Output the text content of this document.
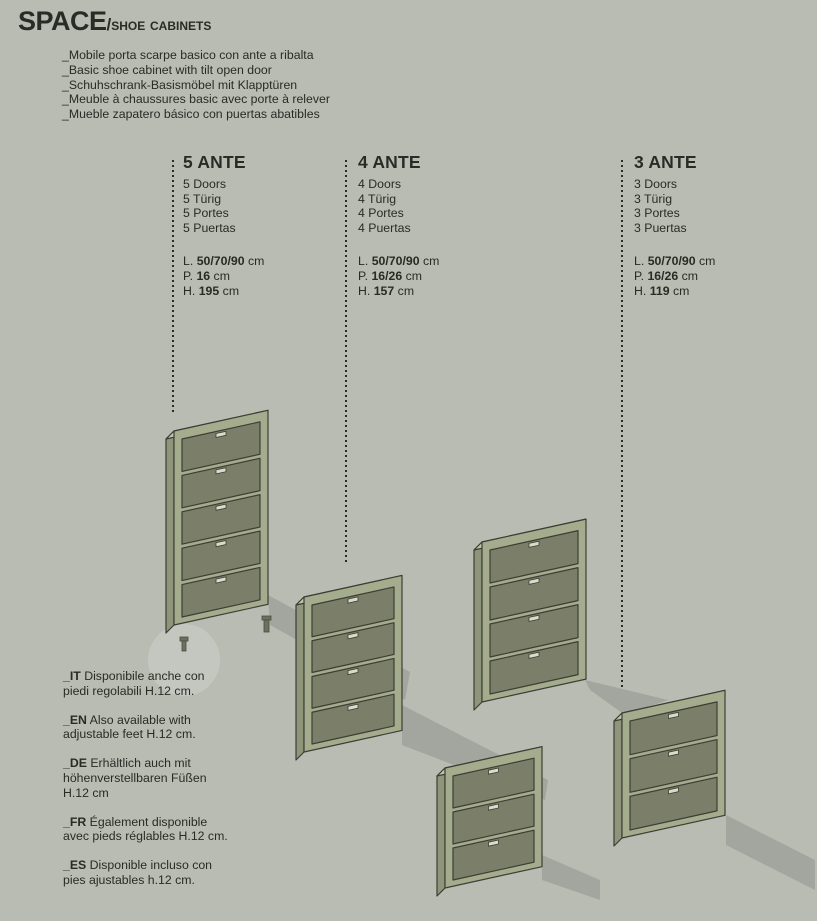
SPACE/shoe cabinets
_Mobile porta scarpe basico con ante a ribalta
_Basic shoe cabinet with tilt open door
_Schuhschrank-Basismöbel mit Klapptüren
_Meuble à chaussures basic avec porte à relever
_Mueble zapatero básico con puertas abatibles
5 ANTE
5 Doors
5 Türig
5 Portes
5 Puertas
L. 50/70/90 cm
P. 16 cm
H. 195 cm
4 ANTE
4 Doors
4 Türig
4 Portes
4 Puertas
L. 50/70/90 cm
P. 16/26 cm
H. 157 cm
3 ANTE
3 Doors
3 Türig
3 Portes
3 Puertas
L. 50/70/90 cm
P. 16/26 cm
H. 119 cm

_IT Disponibile anche con
piedi regolabili H.12 cm.

_EN Also available with
adjustable feet H.12 cm.

_DE Erhältlich auch mit
höhenverstellbaren Füßen
H.12 cm

_FR Également disponible
avec pieds réglables H.12 cm.

_ES Disponible incluso con
pies ajustables h.12 cm.
